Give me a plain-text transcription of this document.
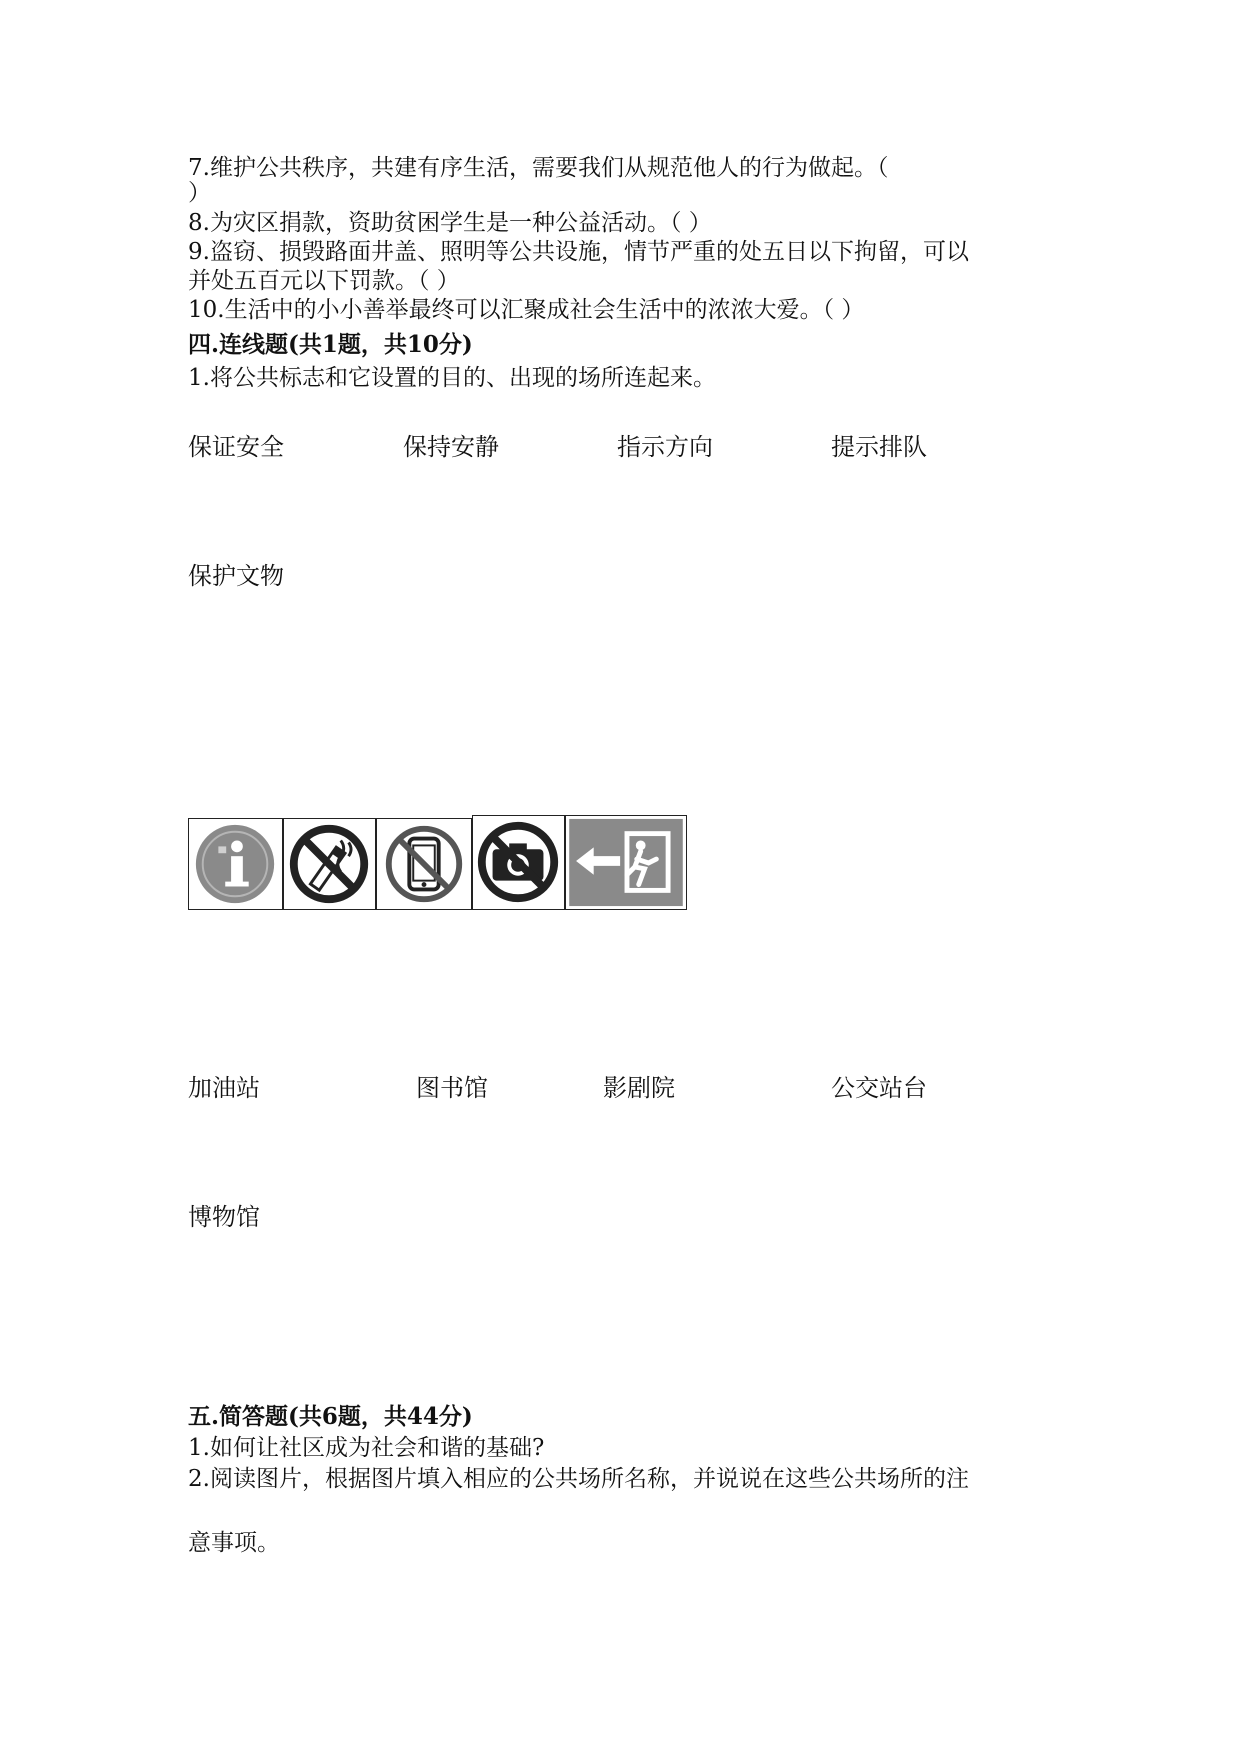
7.维护公共秩序，共建有序生活，需要我们从规范他人的行为做起。（
）
8.为灾区捐款，资助贫困学生是一种公益活动。（ ）
9.盗窃、损毁路面井盖、照明等公共设施，情节严重的处五日以下拘留，可以
并处五百元以下罚款。（ ）
10.生活中的小小善举最终可以汇聚成社会生活中的浓浓大爱。（ ）
四.连线题(共1题，共10分)
1.将公共标志和它设置的目的、出现的场所连起来。
保证安全	保持安静	指示方向	提示排队
保护文物
加油站	图书馆	影剧院	公交站台
博物馆
五.简答题(共6题，共44分)
1.如何让社区成为社会和谐的基础?
2.阅读图片，根据图片填入相应的公共场所名称，并说说在这些公共场所的注
意事项。
